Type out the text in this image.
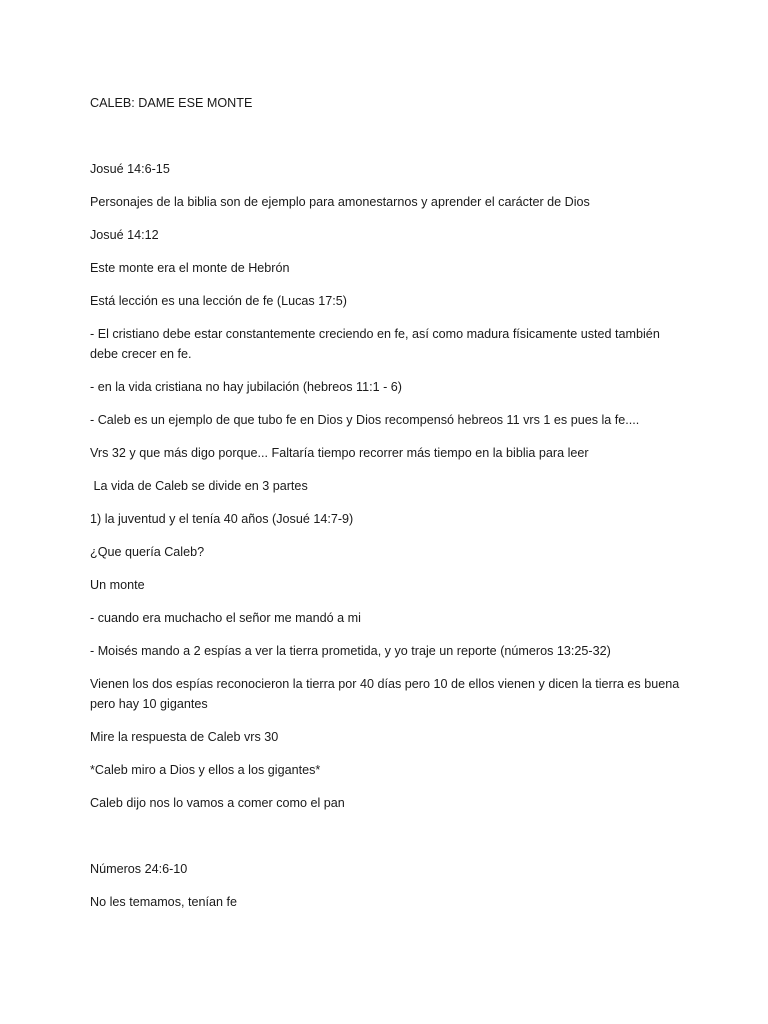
CALEB: DAME ESE MONTE
Josué 14:6-15
Personajes de la biblia son de ejemplo para amonestarnos y aprender el carácter de Dios
Josué 14:12
Este monte era el monte de Hebrón
Está lección es una lección de fe (Lucas 17:5)
- El cristiano debe estar constantemente creciendo en fe, así como madura físicamente usted también debe crecer en fe.
- en la vida cristiana no hay jubilación (hebreos 11:1 - 6)
- Caleb es un ejemplo de que tubo fe en Dios y Dios recompensó hebreos 11 vrs 1 es pues la fe....
Vrs 32 y que más digo porque... Faltaría tiempo recorrer más tiempo en la biblia para leer
La vida de Caleb se divide en 3 partes
1) la juventud y el tenía 40 años (Josué 14:7-9)
¿Que quería Caleb?
Un monte
- cuando era muchacho el señor me mandó a mi
- Moisés mando a 2 espías a ver la tierra prometida, y yo traje un reporte (números 13:25-32)
Vienen los dos espías reconocieron la tierra por 40 días pero 10 de ellos vienen y dicen la tierra es buena pero hay 10 gigantes
Mire la respuesta de Caleb vrs 30
*Caleb miro a Dios y ellos a los gigantes*
Caleb dijo nos lo vamos a comer como el pan
Números 24:6-10
No les temamos, tenían fe
